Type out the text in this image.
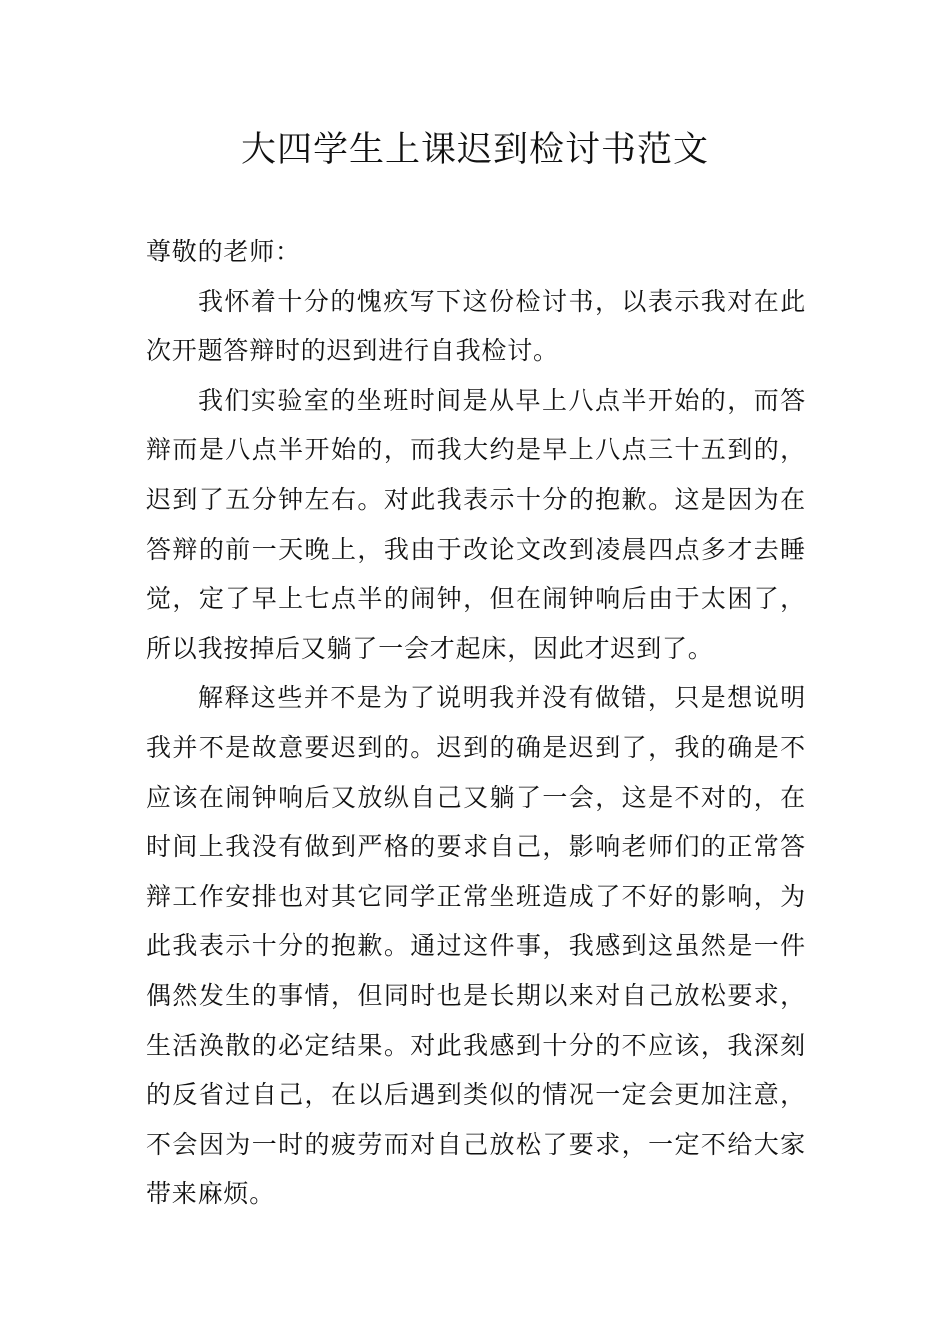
大四学生上课迟到检讨书范文

尊敬的老师：

我怀着十分的愧疚写下这份检讨书，以表示我对在此次开题答辩时的迟到进行自我检讨。

我们实验室的坐班时间是从早上八点半开始的，而答辩而是八点半开始的，而我大约是早上八点三十五到的，迟到了五分钟左右。对此我表示十分的抱歉。这是因为在答辩的前一天晚上，我由于改论文改到凌晨四点多才去睡觉，定了早上七点半的闹钟，但在闹钟响后由于太困了，所以我按掉后又躺了一会才起床，因此才迟到了。

解释这些并不是为了说明我并没有做错，只是想说明我并不是故意要迟到的。迟到的确是迟到了，我的确是不应该在闹钟响后又放纵自己又躺了一会，这是不对的，在时间上我没有做到严格的要求自己，影响老师们的正常答辩工作安排也对其它同学正常坐班造成了不好的影响，为此我表示十分的抱歉。通过这件事，我感到这虽然是一件偶然发生的事情，但同时也是长期以来对自己放松要求，生活涣散的必定结果。对此我感到十分的不应该，我深刻的反省过自己，在以后遇到类似的情况一定会更加注意，不会因为一时的疲劳而对自己放松了要求，一定不给大家带来麻烦。
